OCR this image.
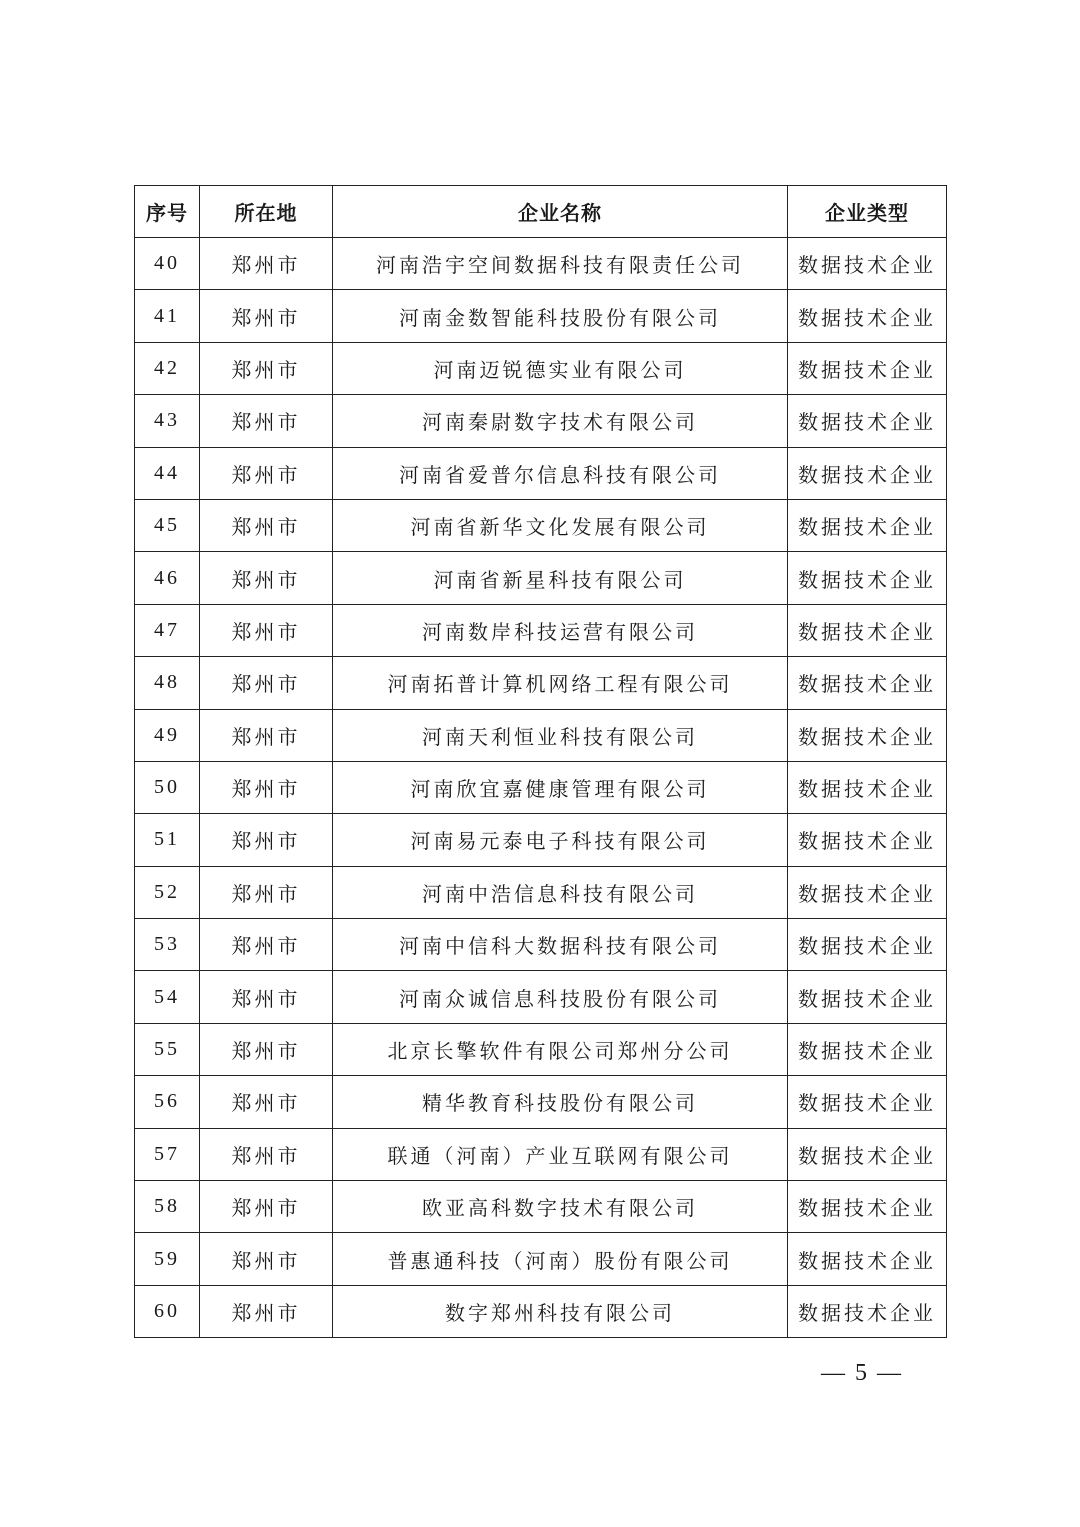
序号	所在地	企业名称	企业类型
40	郑州市	河南浩宇空间数据科技有限责任公司	数据技术企业
41	郑州市	河南金数智能科技股份有限公司	数据技术企业
42	郑州市	河南迈锐德实业有限公司	数据技术企业
43	郑州市	河南秦尉数字技术有限公司	数据技术企业
44	郑州市	河南省爱普尔信息科技有限公司	数据技术企业
45	郑州市	河南省新华文化发展有限公司	数据技术企业
46	郑州市	河南省新星科技有限公司	数据技术企业
47	郑州市	河南数岸科技运营有限公司	数据技术企业
48	郑州市	河南拓普计算机网络工程有限公司	数据技术企业
49	郑州市	河南天利恒业科技有限公司	数据技术企业
50	郑州市	河南欣宜嘉健康管理有限公司	数据技术企业
51	郑州市	河南易元泰电子科技有限公司	数据技术企业
52	郑州市	河南中浩信息科技有限公司	数据技术企业
53	郑州市	河南中信科大数据科技有限公司	数据技术企业
54	郑州市	河南众诚信息科技股份有限公司	数据技术企业
55	郑州市	北京长擎软件有限公司郑州分公司	数据技术企业
56	郑州市	精华教育科技股份有限公司	数据技术企业
57	郑州市	联通（河南）产业互联网有限公司	数据技术企业
58	郑州市	欧亚高科数字技术有限公司	数据技术企业
59	郑州市	普惠通科技（河南）股份有限公司	数据技术企业
60	郑州市	数字郑州科技有限公司	数据技术企业
— 5 —
